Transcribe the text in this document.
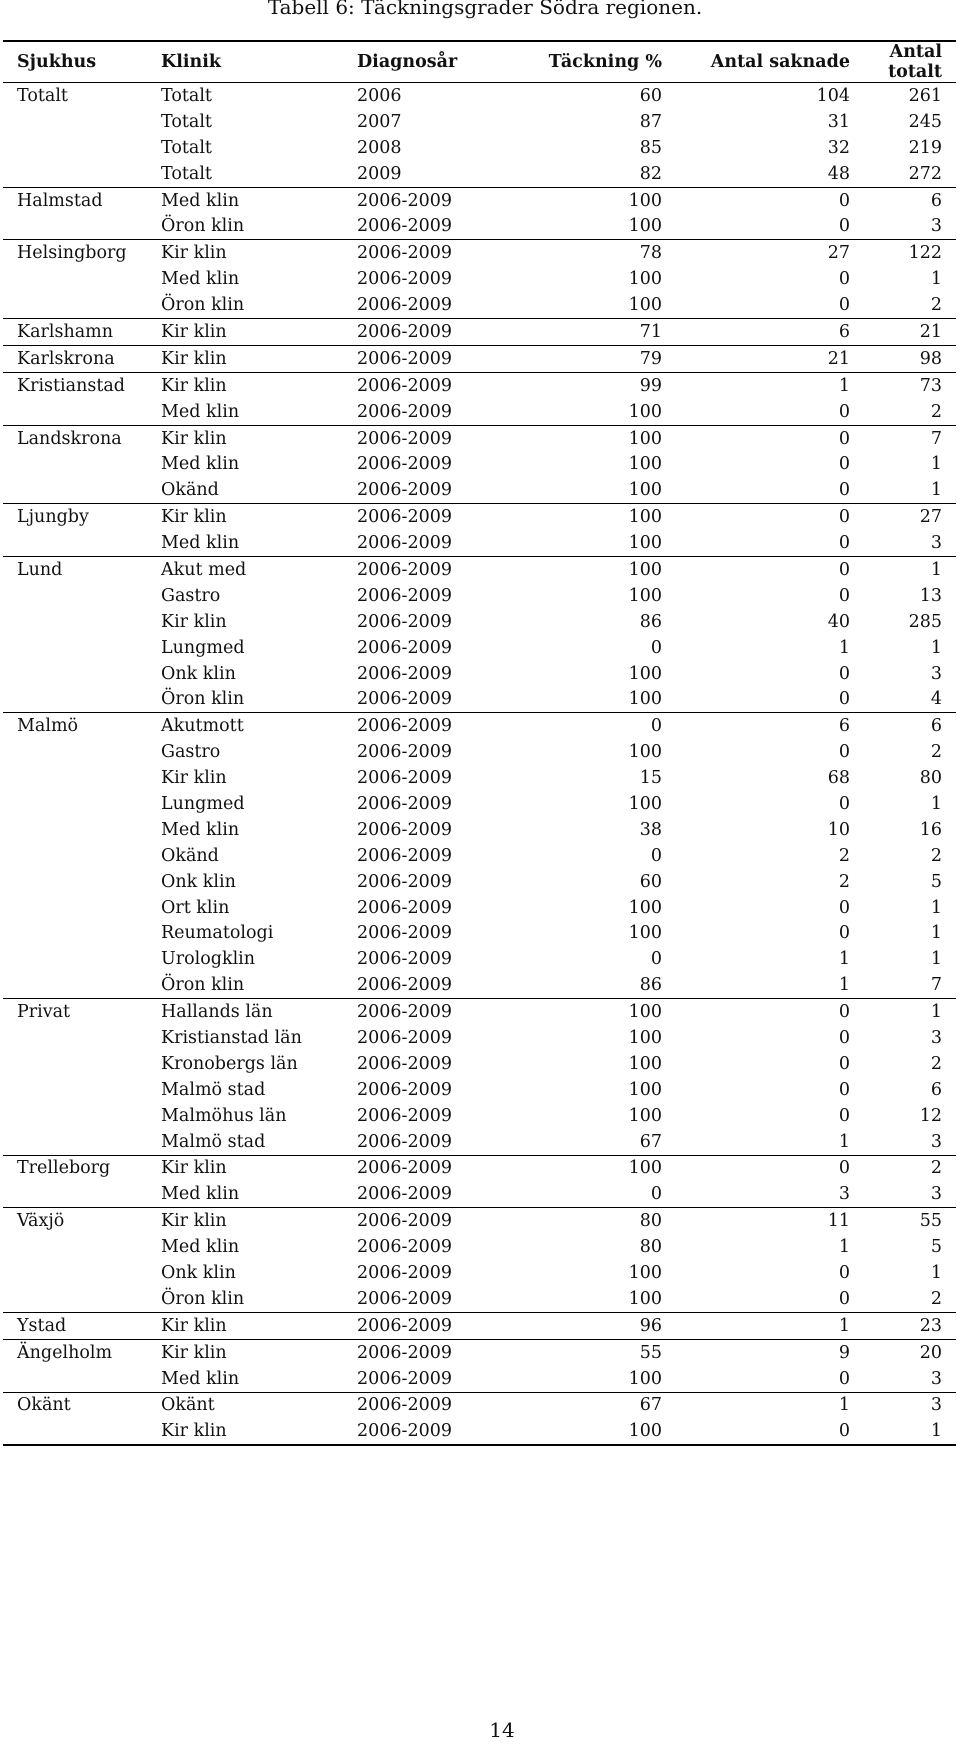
Tabell 6: Täckningsgrader Södra regionen.
Sjukhus	Klinik	Diagnosår	Täckning %	Antal saknade	Antal totalt
Totalt	Totalt	2006	60	104	261
	Totalt	2007	87	31	245
	Totalt	2008	85	32	219
	Totalt	2009	82	48	272
Halmstad	Med klin	2006-2009	100	0	6
	Öron klin	2006-2009	100	0	3
Helsingborg	Kir klin	2006-2009	78	27	122
	Med klin	2006-2009	100	0	1
	Öron klin	2006-2009	100	0	2
Karlshamn	Kir klin	2006-2009	71	6	21
Karlskrona	Kir klin	2006-2009	79	21	98
Kristianstad	Kir klin	2006-2009	99	1	73
	Med klin	2006-2009	100	0	2
Landskrona	Kir klin	2006-2009	100	0	7
	Med klin	2006-2009	100	0	1
	Okänd	2006-2009	100	0	1
Ljungby	Kir klin	2006-2009	100	0	27
	Med klin	2006-2009	100	0	3
Lund	Akut med	2006-2009	100	0	1
	Gastro	2006-2009	100	0	13
	Kir klin	2006-2009	86	40	285
	Lungmed	2006-2009	0	1	1
	Onk klin	2006-2009	100	0	3
	Öron klin	2006-2009	100	0	4
Malmö	Akutmott	2006-2009	0	6	6
	Gastro	2006-2009	100	0	2
	Kir klin	2006-2009	15	68	80
	Lungmed	2006-2009	100	0	1
	Med klin	2006-2009	38	10	16
	Okänd	2006-2009	0	2	2
	Onk klin	2006-2009	60	2	5
	Ort klin	2006-2009	100	0	1
	Reumatologi	2006-2009	100	0	1
	Urologklin	2006-2009	0	1	1
	Öron klin	2006-2009	86	1	7
Privat	Hallands län	2006-2009	100	0	1
	Kristianstad län	2006-2009	100	0	3
	Kronobergs län	2006-2009	100	0	2
	Malmö stad	2006-2009	100	0	6
	Malmöhus län	2006-2009	100	0	12
	Malmö stad	2006-2009	67	1	3
Trelleborg	Kir klin	2006-2009	100	0	2
	Med klin	2006-2009	0	3	3
Växjö	Kir klin	2006-2009	80	11	55
	Med klin	2006-2009	80	1	5
	Onk klin	2006-2009	100	0	1
	Öron klin	2006-2009	100	0	2
Ystad	Kir klin	2006-2009	96	1	23
Ängelholm	Kir klin	2006-2009	55	9	20
	Med klin	2006-2009	100	0	3
Okänt	Okänt	2006-2009	67	1	3
	Kir klin	2006-2009	100	0	1
14
